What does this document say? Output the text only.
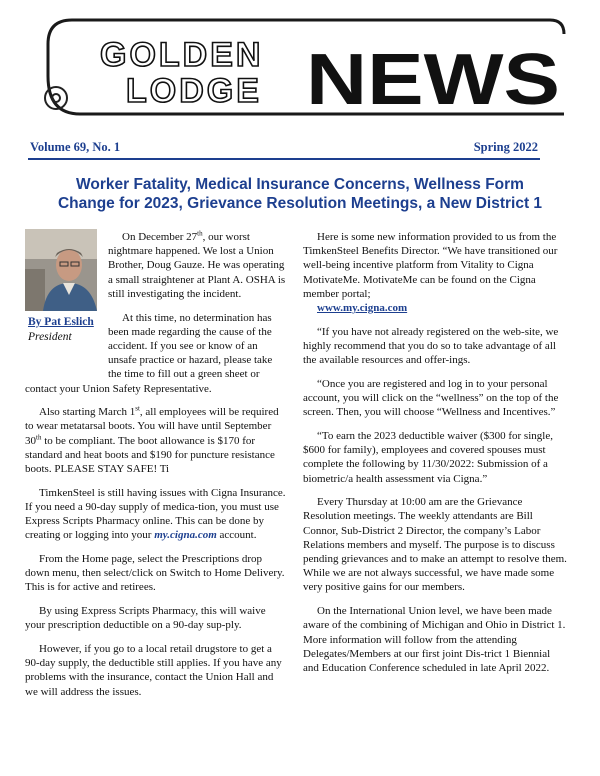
GOLDEN
LODGE NEWS
Volume 69, No. 1	Spring 2022
Worker Fatality, Medical Insurance Concerns, Wellness Form
Change for 2023, Grievance Resolution Meetings, a New District 1
By Pat Eslich
President

On December 27th, our worst nightmare happened. We lost a Union Brother, Doug Gauze. He was operating a small straightener at Plant A. OSHA is still investigating the incident.

At this time, no determination has been made regarding the cause of the accident. If you see or know of an unsafe practice or hazard, please take the time to fill out a green sheet or contact your Union Safety Representative.

Also starting March 1st, all employees will be required to wear metatarsal boots. You will have until September 30th to be compliant. The boot allowance is $170 for standard and heat boots and $190 for puncture resistance boots. PLEASE STAY SAFE! Ti

TimkenSteel is still having issues with Cigna Insurance. If you need a 90-day supply of medica-tion, you must use Express Scripts Pharmacy online. This can be done by creating or logging into your my.cigna.com account.

From the Home page, select the Prescriptions drop down menu, then select/click on Switch to Home Delivery. This is for active and retirees.

By using Express Scripts Pharmacy, this will waive your prescription deductible on a 90-day sup-ply.

However, if you go to a local retail drugstore to get a 90-day supply, the deductible still applies. If you have any problems with the insurance, contact the Union Hall and we will address the issues.

Here is some new information provided to us from the TimkenSteel Benefits Director. “We have transitioned our well-being incentive platform from Vitality to Cigna MotivateMe. MotivateMe can be found on the Cigna member portal;

www.my.cigna.com

“If you have not already registered on the web-site, we highly recommend that you do so to take advantage of all the available resources and offer-ings.

“Once you are registered and log in to your personal account, you will click on the “wellness” on the top of the screen. Then, you will choose “Wellness and Incentives.”

“To earn the 2023 deductible waiver ($300 for single, $600 for family), employees and covered spouses must complete the following by 11/30/2022: Submission of a biometric/a health assessment via Cigna.”

Every Thursday at 10:00 am are the Grievance Resolution meetings. The weekly attendants are Bill Connor, Sub-District 2 Director, the company’s Labor Relations members and myself. The purpose is to discuss pending grievances and to make an attempt to resolve them. While we are not always successful, we have made some very positive gains for our members.

On the International Union level, we have been made aware of the combining of Michigan and Ohio in District 1. More information will follow from the attending Delegates/Members at our first joint Dis-trict 1 Biennial and Education Conference scheduled in late April 2022.
